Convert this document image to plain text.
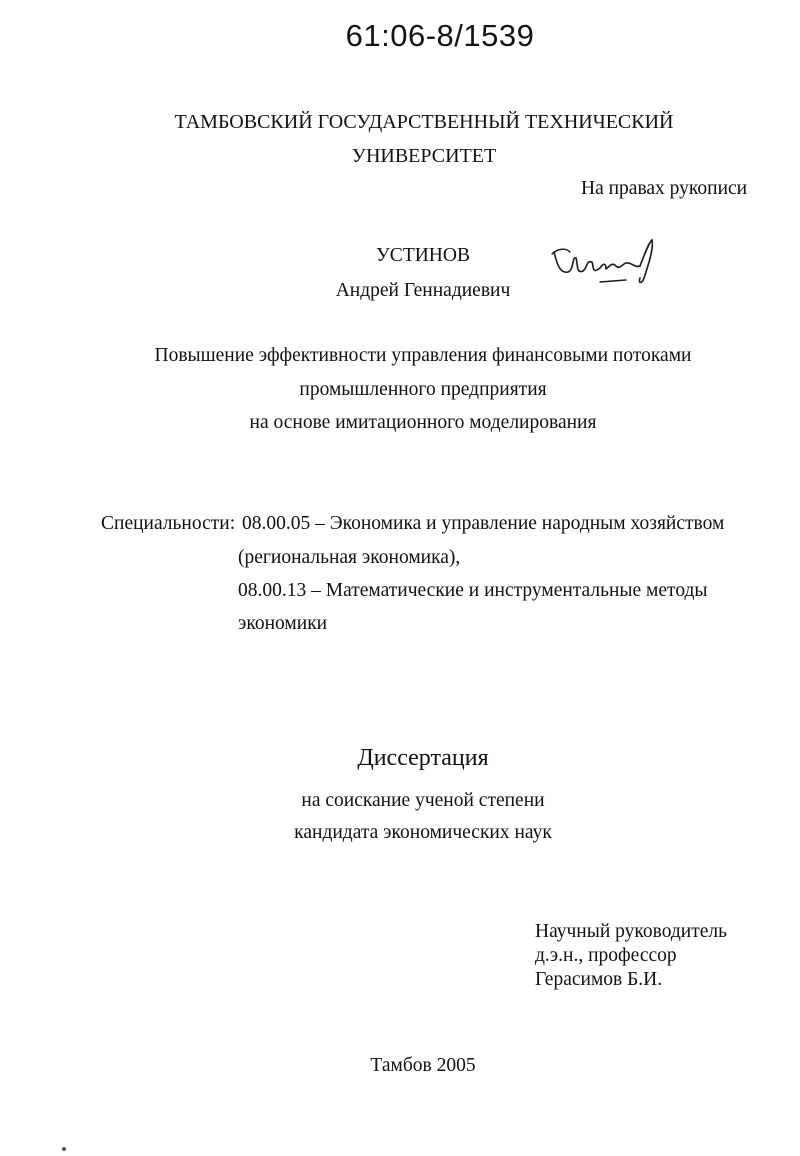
61:06-8/1539
ТАМБОВСКИЙ ГОСУДАРСТВЕННЫЙ ТЕХНИЧЕСКИЙ
УНИВЕРСИТЕТ
На правах рукописи
УСТИНОВ
Андрей Геннадиевич
Повышение эффективности управления финансовыми потоками
промышленного предприятия
на основе имитационного моделирования
Специальности: 08.00.05 – Экономика и управление народным хозяйством
(региональная экономика),
08.00.13 – Математические и инструментальные методы
экономики
Диссертация
на соискание ученой степени
кандидата экономических наук
Научный руководитель
д.э.н., профессор
Герасимов Б.И.
Тамбов 2005
